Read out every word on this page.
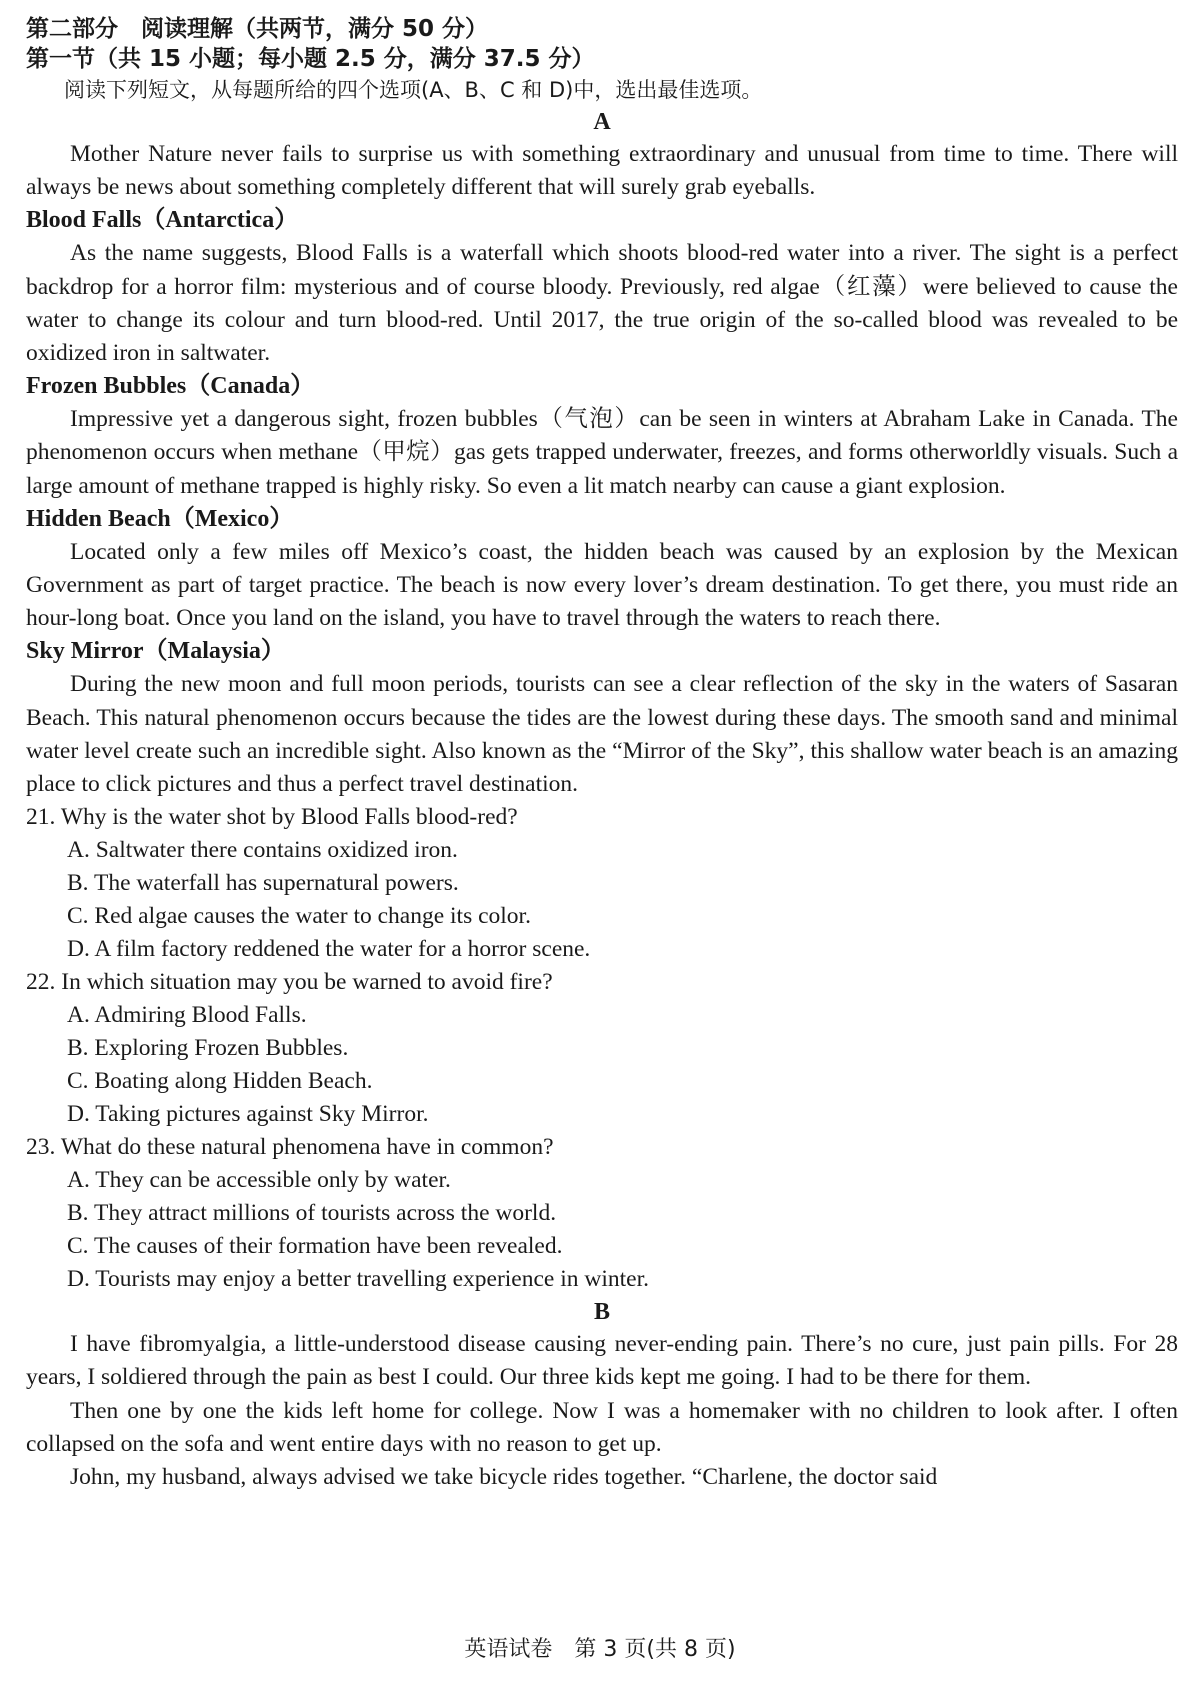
第二部分　阅读理解（共两节，满分 50 分）

第一节（共 15 小题；每小题 2.5 分，满分 37.5 分）

阅读下列短文，从每题所给的四个选项(A、B、C 和 D)中，选出最佳选项。

A

Mother Nature never fails to surprise us with something extraordinary and unusual from time to time. There will always be news about something completely different that will surely grab eyeballs.

Blood Falls（Antarctica）

As the name suggests, Blood Falls is a waterfall which shoots blood-red water into a river. The sight is a perfect backdrop for a horror film: mysterious and of course bloody. Previously, red algae（红藻）were believed to cause the water to change its colour and turn blood-red. Until 2017, the true origin of the so-called blood was revealed to be oxidized iron in saltwater.

Frozen Bubbles（Canada）

Impressive yet a dangerous sight, frozen bubbles（气泡）can be seen in winters at Abraham Lake in Canada. The phenomenon occurs when methane（甲烷）gas gets trapped underwater, freezes, and forms otherworldly visuals. Such a large amount of methane trapped is highly risky. So even a lit match nearby can cause a giant explosion.

Hidden Beach（Mexico）

Located only a few miles off Mexico’s coast, the hidden beach was caused by an explosion by the Mexican Government as part of target practice. The beach is now every lover’s dream destination. To get there, you must ride an hour-long boat. Once you land on the island, you have to travel through the waters to reach there.

Sky Mirror（Malaysia）

During the new moon and full moon periods, tourists can see a clear reflection of the sky in the waters of Sasaran Beach. This natural phenomenon occurs because the tides are the lowest during these days. The smooth sand and minimal water level create such an incredible sight. Also known as the “Mirror of the Sky”, this shallow water beach is an amazing place to click pictures and thus a perfect travel destination.

21. Why is the water shot by Blood Falls blood-red?

A. Saltwater there contains oxidized iron.

B. The waterfall has supernatural powers.

C. Red algae causes the water to change its color.

D. A film factory reddened the water for a horror scene.

22. In which situation may you be warned to avoid fire?

A. Admiring Blood Falls.

B. Exploring Frozen Bubbles.

C. Boating along Hidden Beach.

D. Taking pictures against Sky Mirror.

23. What do these natural phenomena have in common?

A. They can be accessible only by water.

B. They attract millions of tourists across the world.

C. The causes of their formation have been revealed.

D. Tourists may enjoy a better travelling experience in winter.

B

I have fibromyalgia, a little-understood disease causing never-ending pain. There’s no cure, just pain pills. For 28 years, I soldiered through the pain as best I could. Our three kids kept me going. I had to be there for them.

Then one by one the kids left home for college. Now I was a homemaker with no children to look after. I often collapsed on the sofa and went entire days with no reason to get up.

John, my husband, always advised we take bicycle rides together. “Charlene, the doctor said

英语试卷　第 3 页(共 8 页)
